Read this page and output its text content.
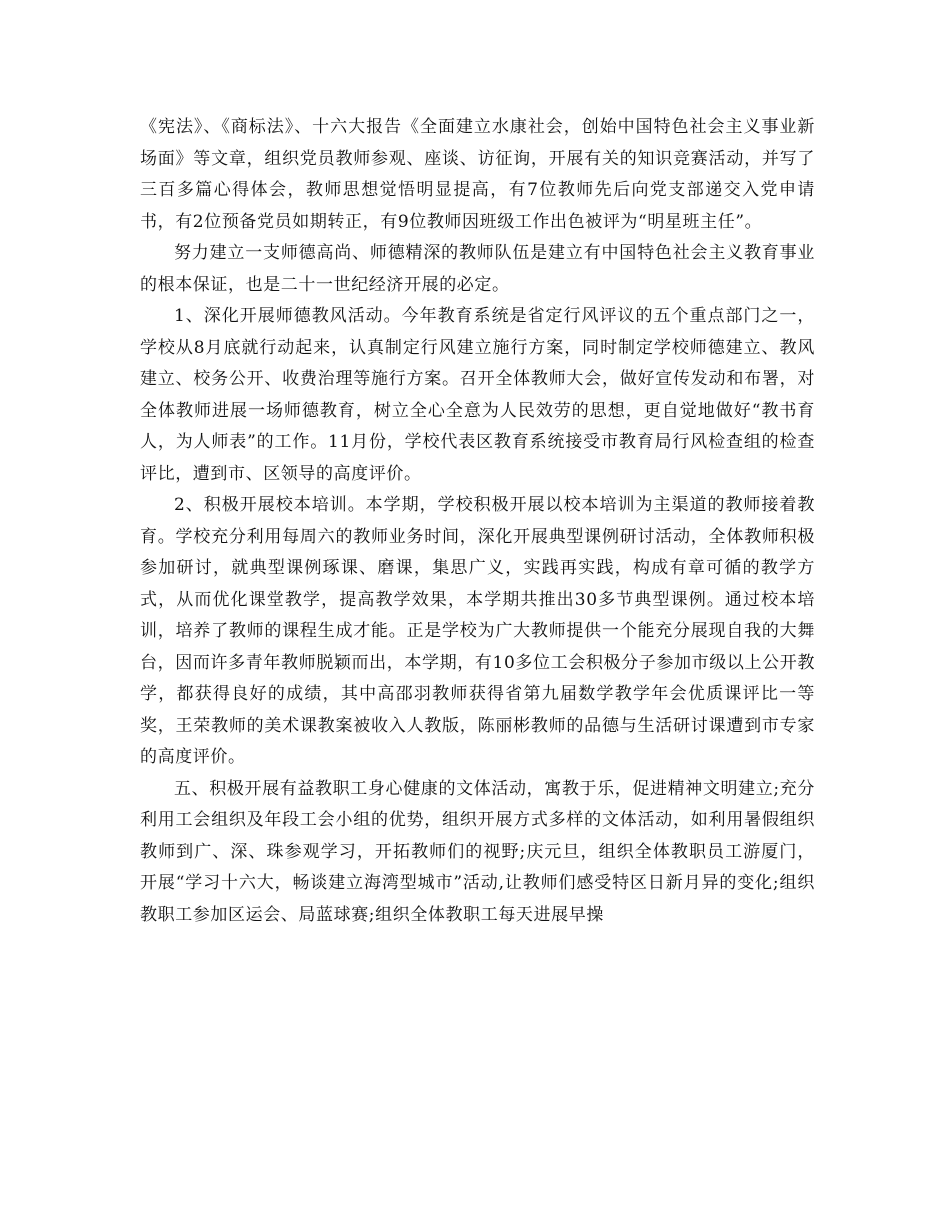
《宪法》、《商标法》、十六大报告《全面建立水康社会，创始中国特色社会主义事业新场面》等文章，组织党员教师参观、座谈、访征询，开展有关的知识竞赛活动，并写了三百多篇心得体会，教师思想觉悟明显提高，有7位教师先后向党支部递交入党申请书，有2位预备党员如期转正，有9位教师因班级工作出色被评为“明星班主任”。

努力建立一支师德高尚、师德精深的教师队伍是建立有中国特色社会主义教育事业的根本保证，也是二十一世纪经济开展的必定。

1、深化开展师德教风活动。今年教育系统是省定行风评议的五个重点部门之一，学校从8月底就行动起来，认真制定行风建立施行方案，同时制定学校师德建立、教风建立、校务公开、收费治理等施行方案。召开全体教师大会，做好宣传发动和布署，对全体教师进展一场师德教育，树立全心全意为人民效劳的思想，更自觉地做好“教书育人，为人师表”的工作。11月份，学校代表区教育系统接受市教育局行风检查组的检查评比，遭到市、区领导的高度评价。

2、积极开展校本培训。本学期，学校积极开展以校本培训为主渠道的教师接着教育。学校充分利用每周六的教师业务时间，深化开展典型课例研讨活动，全体教师积极参加研讨，就典型课例琢课、磨课，集思广义，实践再实践，构成有章可循的教学方式，从而优化课堂教学，提高教学效果，本学期共推出30多节典型课例。通过校本培训，培养了教师的课程生成才能。正是学校为广大教师提供一个能充分展现自我的大舞台，因而许多青年教师脱颖而出，本学期，有10多位工会积极分子参加市级以上公开教学，都获得良好的成绩，其中高邵羽教师获得省第九届数学教学年会优质课评比一等奖，王荣教师的美术课教案被收入人教版，陈丽彬教师的品德与生活研讨课遭到市专家的高度评价。

五、积极开展有益教职工身心健康的文体活动，寓教于乐，促进精神文明建立;充分利用工会组织及年段工会小组的优势，组织开展方式多样的文体活动，如利用暑假组织教师到广、深、珠参观学习，开拓教师们的视野;庆元旦，组织全体教职员工游厦门，开展“学习十六大，畅谈建立海湾型城市”活动,让教师们感受特区日新月异的变化;组织教职工参加区运会、局蓝球赛;组织全体教职工每天进展早操
